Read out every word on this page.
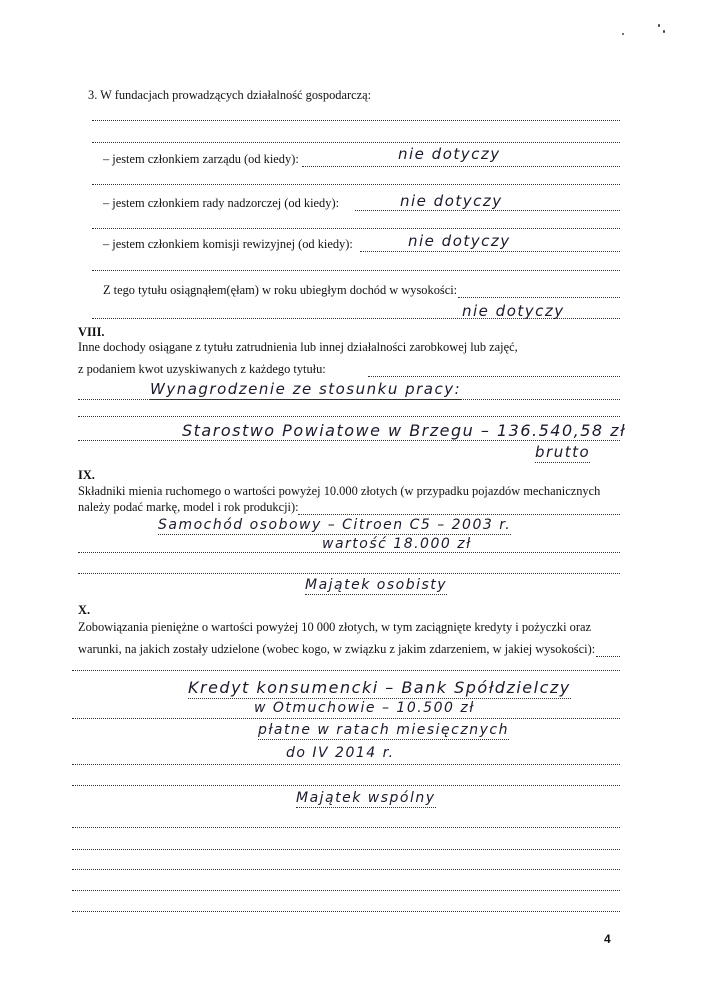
3. W fundacjach prowadzących działalność gospodarczą:
– jestem członkiem zarządu (od kiedy):	nie dotyczy
– jestem członkiem rady nadzorczej (od kiedy):	nie dotyczy
– jestem członkiem komisji rewizyjnej (od kiedy):	nie dotyczy
Z tego tytułu osiągnąłem(ęłam) w roku ubiegłym dochód w wysokości:
nie dotyczy
VIII.
Inne dochody osiągane z tytułu zatrudnienia lub innej działalności zarobkowej lub zajęć,
z podaniem kwot uzyskiwanych z każdego tytułu:
Wynagrodzenie ze stosunku pracy:
Starostwo Powiatowe w Brzegu – 136.540,58 zł
brutto
IX.
Składniki mienia ruchomego o wartości powyżej 10.000 złotych (w przypadku pojazdów mechanicznych
należy podać markę, model i rok produkcji):
Samochód osobowy – Citroen C5 – 2003 r.
wartość 18.000 zł
Majątek osobisty
X.
Zobowiązania pieniężne o wartości powyżej 10 000 złotych, w tym zaciągnięte kredyty i pożyczki oraz
warunki, na jakich zostały udzielone (wobec kogo, w związku z jakim zdarzeniem, w jakiej wysokości):
Kredyt konsumencki – Bank Spółdzielczy
w Otmuchowie – 10.500 zł
płatne w ratach miesięcznych
do IV 2014 r.
Majątek wspólny
4
